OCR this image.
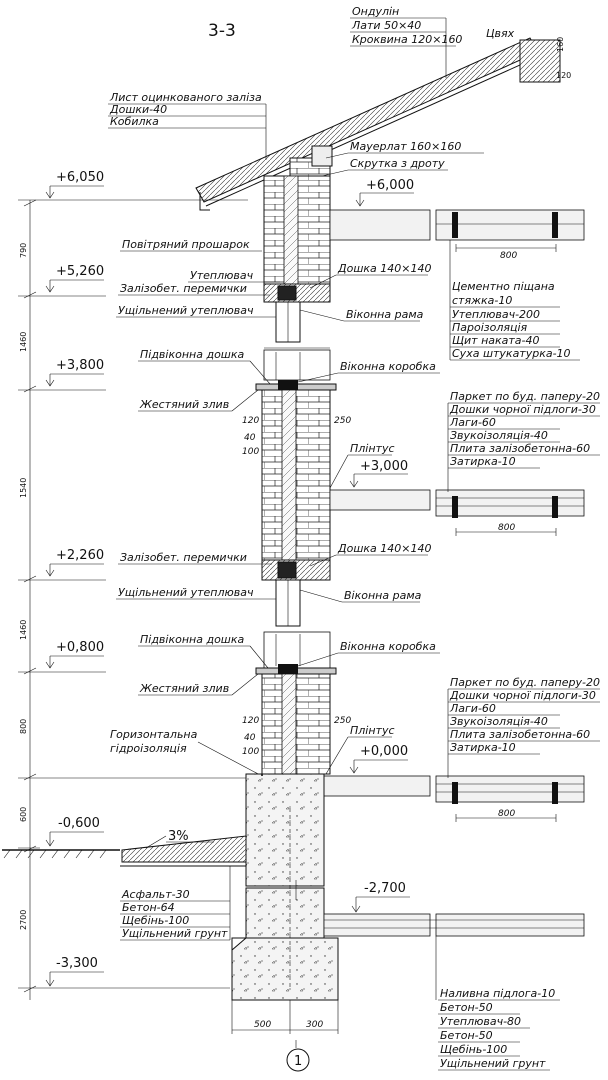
3-3
Ондулін
Лати 50×40
Кроквина 120×160 Цвях
160
120
Лист оцинкованого заліза
Дошки-40
Кобилка
Мауерлат 160×160
Скрутка з дроту
800
Цементно піщана
стяжка-10
Утеплювач-200
Пароізоляція
Щит наката-40
Суха штукатурка-10
Повітряний прошарок
Утеплювач
Залізобет. перемички
Дошка 140×140
Ущільнений утеплювач	Віконна рама
800
Підвіконна дошка
Віконна коробка
Жестяний злив
120
40
100
250
Плінтус
Залізобет. перемички
Дошка 140×140
Ущільнений утеплювач	Віконна рама
Паркет по буд. паперу-20
Дошки чорної підлоги-30
Лаги-60
Звукоізоляція-40
Плита залізобетонна-60
Затирка-10
800
Підвіконна дошка
Віконна коробка
Жестяний злив
120
40
100
250
Плінтус
Горизонтальна
гідроізоляція
Паркет по буд. паперу-20
Дошки чорної підлоги-30
Лаги-60
Звукоізоляція-40
Плита залізобетонна-60
Затирка-10
3%
Асфальт-30
Бетон-64
Щебінь-100
Ущільнений грунт
Наливна підлога-10
Бетон-50
Утеплювач-80
Бетон-50
Щебінь-100
Ущільнений грунт
500	300
1
+6,050
+6,000
+5,260
+3,800
+3,000
+2,260
+0,800
+0,000
-0,600
-2,700
-3,300
790
1460
1540
1460
800
600
2700
